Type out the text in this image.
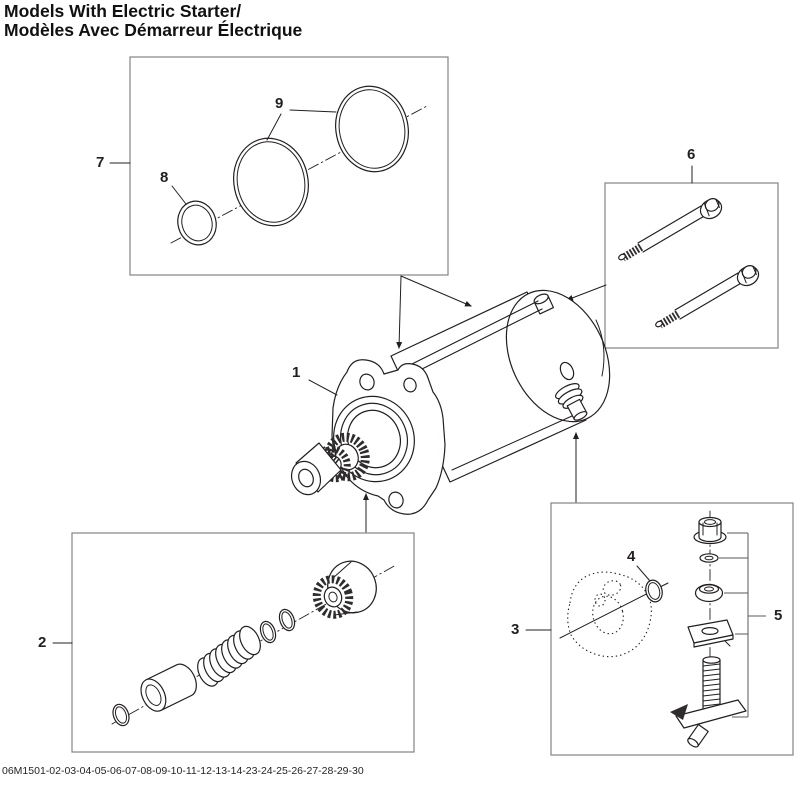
Models With Electric Starter/
Modèles Avec Démarreur Électrique
1
2
3
4
5
6
7
8
9
06M1501-02-03-04-05-06-07-08-09-10-11-12-13-14-23-24-25-26-27-28-29-30
